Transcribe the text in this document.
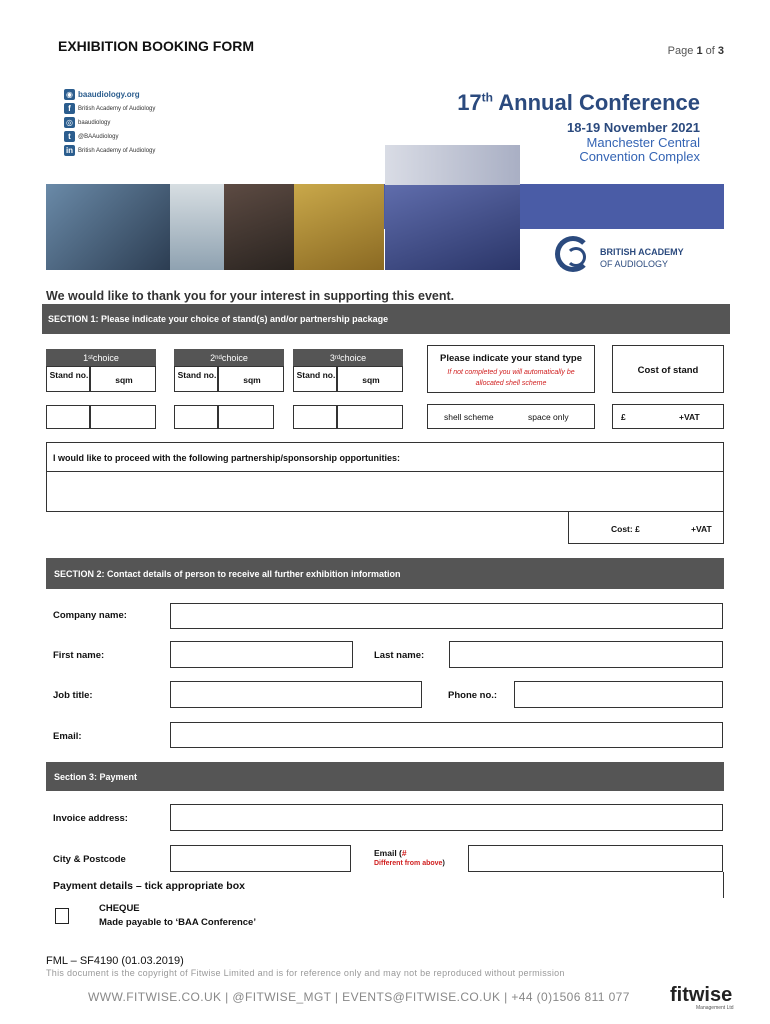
EXHIBITION BOOKING FORM	Page 1 of 3
◉ baaudiology.org
f	British Academy of Audiology
◎ baaudiology
t	@BAAudiology
in British Academy of Audiology
17th Annual Conference
18-19 November 2021
Manchester Central
Convention Complex
BRITISH ACADEMY
OF AUDIOLOGY
We would like to thank you for your interest in supporting this event.
SECTION 1: Please indicate your choice of stand(s) and/or partnership package
1 st choice
Stand no.	sqm
2 nd choice
Stand no.	sqm
3 rd choice
Stand no.	sqm
Please indicate your stand type
If not completed you will automatically be allocated shell scheme
shell scheme	space only
Cost of stand
£	+VAT
I would like to proceed with the following partnership/sponsorship opportunities:
Cost: £	+VAT
SECTION 2: Contact details of person to receive all further exhibition information
Company name:
First name:	Last name:
Job title:	Phone no.:
Email:
Section 3: Payment
Invoice address:
City & Postcode
Email (#
Different from above)
Payment details – tick appropriate box
CHEQUE
Made payable to ‘BAA Conference’
FML – SF4190 (01.03.2019)
This document is the copyright of Fitwise Limited and is for reference only and may not be reproduced without permission
WWW.FITWISE.CO.UK | @FITWISE_MGT | EVENTS@FITWISE.CO.UK | +44 (0)1506 811 077 fitwise
Management Ltd
